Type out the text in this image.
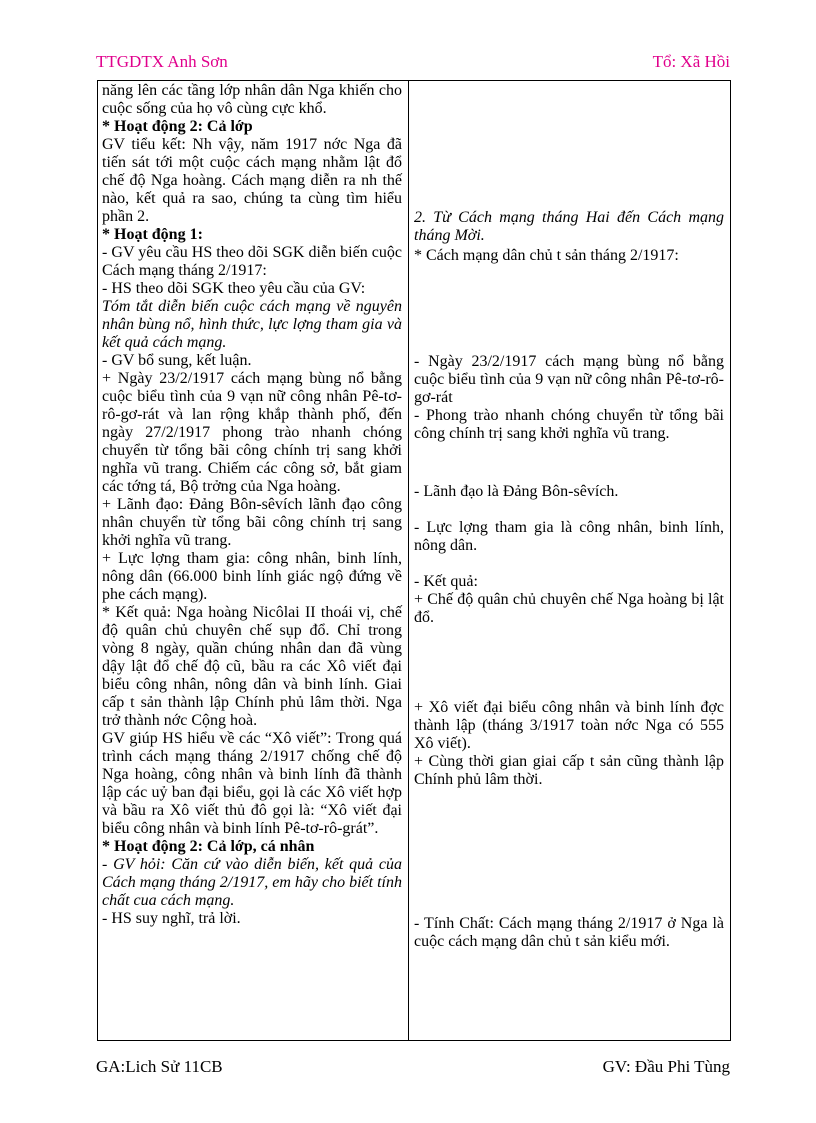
TTGDTX Anh Sơn	Tổ: Xã Hồi

năng lên các tầng lớp nhân dân Nga khiến cho cuộc sống của họ vô cùng cực khổ.

* Hoạt động 2: Cả lớp

GV tiểu kết: Nh vậy, năm 1917 nớc Nga đã tiến sát tới một cuộc cách mạng nhằm lật đổ chế độ Nga hoàng. Cách mạng diễn ra nh thế nào, kết quả ra sao, chúng ta cùng tìm hiểu phần 2.

* Hoạt động 1:

- GV yêu cầu HS theo dõi SGK diễn biến cuộc Cách mạng tháng 2/1917:

- HS theo dõi SGK theo yêu cầu của GV:

Tóm tắt diễn biến cuộc cách mạng về nguyên nhân bùng nổ, hình thức, lực lợng tham gia và kết quả cách mạng.

- GV bổ sung, kết luận.

+ Ngày 23/2/1917 cách mạng bùng nổ bằng cuộc biểu tình của 9 vạn nữ công nhân Pê-tơ-rô-gơ-rát và lan rộng khắp thành phố, đến ngày 27/2/1917 phong trào nhanh chóng chuyển từ tổng bãi công chính trị sang khởi nghĩa vũ trang. Chiếm các công sở, bắt giam các tớng tá, Bộ trởng của Nga hoàng.

+ Lãnh đạo: Đảng Bôn-sêvích lãnh đạo công nhân chuyển từ tổng bãi công chính trị sang khởi nghĩa vũ trang.

+ Lực lợng tham gia: công nhân, binh lính, nông dân (66.000 binh lính giác ngộ đứng về phe cách mạng).

* Kết quả: Nga hoàng Nicôlai II thoái vị, chế độ quân chủ chuyên chế sụp đổ. Chỉ trong vòng 8 ngày, quần chúng nhân dan đã vùng dậy lật đổ chế độ cũ, bầu ra các Xô viết đại biểu công nhân, nông dân và binh lính. Giai cấp t sản thành lập Chính phủ lâm thời. Nga trở thành nớc Cộng hoà.

GV giúp HS hiểu về các “Xô viết”: Trong quá trình cách mạng tháng 2/1917 chống chế độ Nga hoàng, công nhân và binh lính đã thành lập các uỷ ban đại biểu, gọi là các Xô viết hợp và bầu ra Xô viết thủ đô gọi là: “Xô viết đại biểu công nhân và binh lính Pê-tơ-rô-grát”.

* Hoạt động 2: Cả lớp, cá nhân

- GV hỏi: Căn cứ vào diễn biến, kết quả của Cách mạng tháng 2/1917, em hãy cho biết tính chất cua cách mạng.

- HS suy nghĩ, trả lời.

2. Từ Cách mạng tháng Hai đến Cách mạng tháng Mời.

* Cách mạng dân chủ t sản tháng 2/1917:

- Ngày 23/2/1917 cách mạng bùng nổ bằng cuộc biểu tình của 9 vạn nữ công nhân Pê-tơ-rô-gơ-rát

- Phong trào nhanh chóng chuyển từ tổng bãi công chính trị sang khởi nghĩa vũ trang.

- Lãnh đạo là Đảng Bôn-sêvích.

- Lực lợng tham gia là công nhân, binh lính, nông dân.

- Kết quả:

+ Chế độ quân chủ chuyên chế Nga hoàng bị lật đổ.

+ Xô viết đại biểu công nhân và binh lính đợc thành lập (tháng 3/1917 toàn nớc Nga có 555 Xô viết).

+ Cùng thời gian giai cấp t sản cũng thành lập Chính phủ lâm thời.

- Tính Chất: Cách mạng tháng 2/1917 ở Nga là cuộc cách mạng dân chủ t sản kiểu mới.

GA:Lich Sử 11CB	GV: Đầu Phi Tùng
